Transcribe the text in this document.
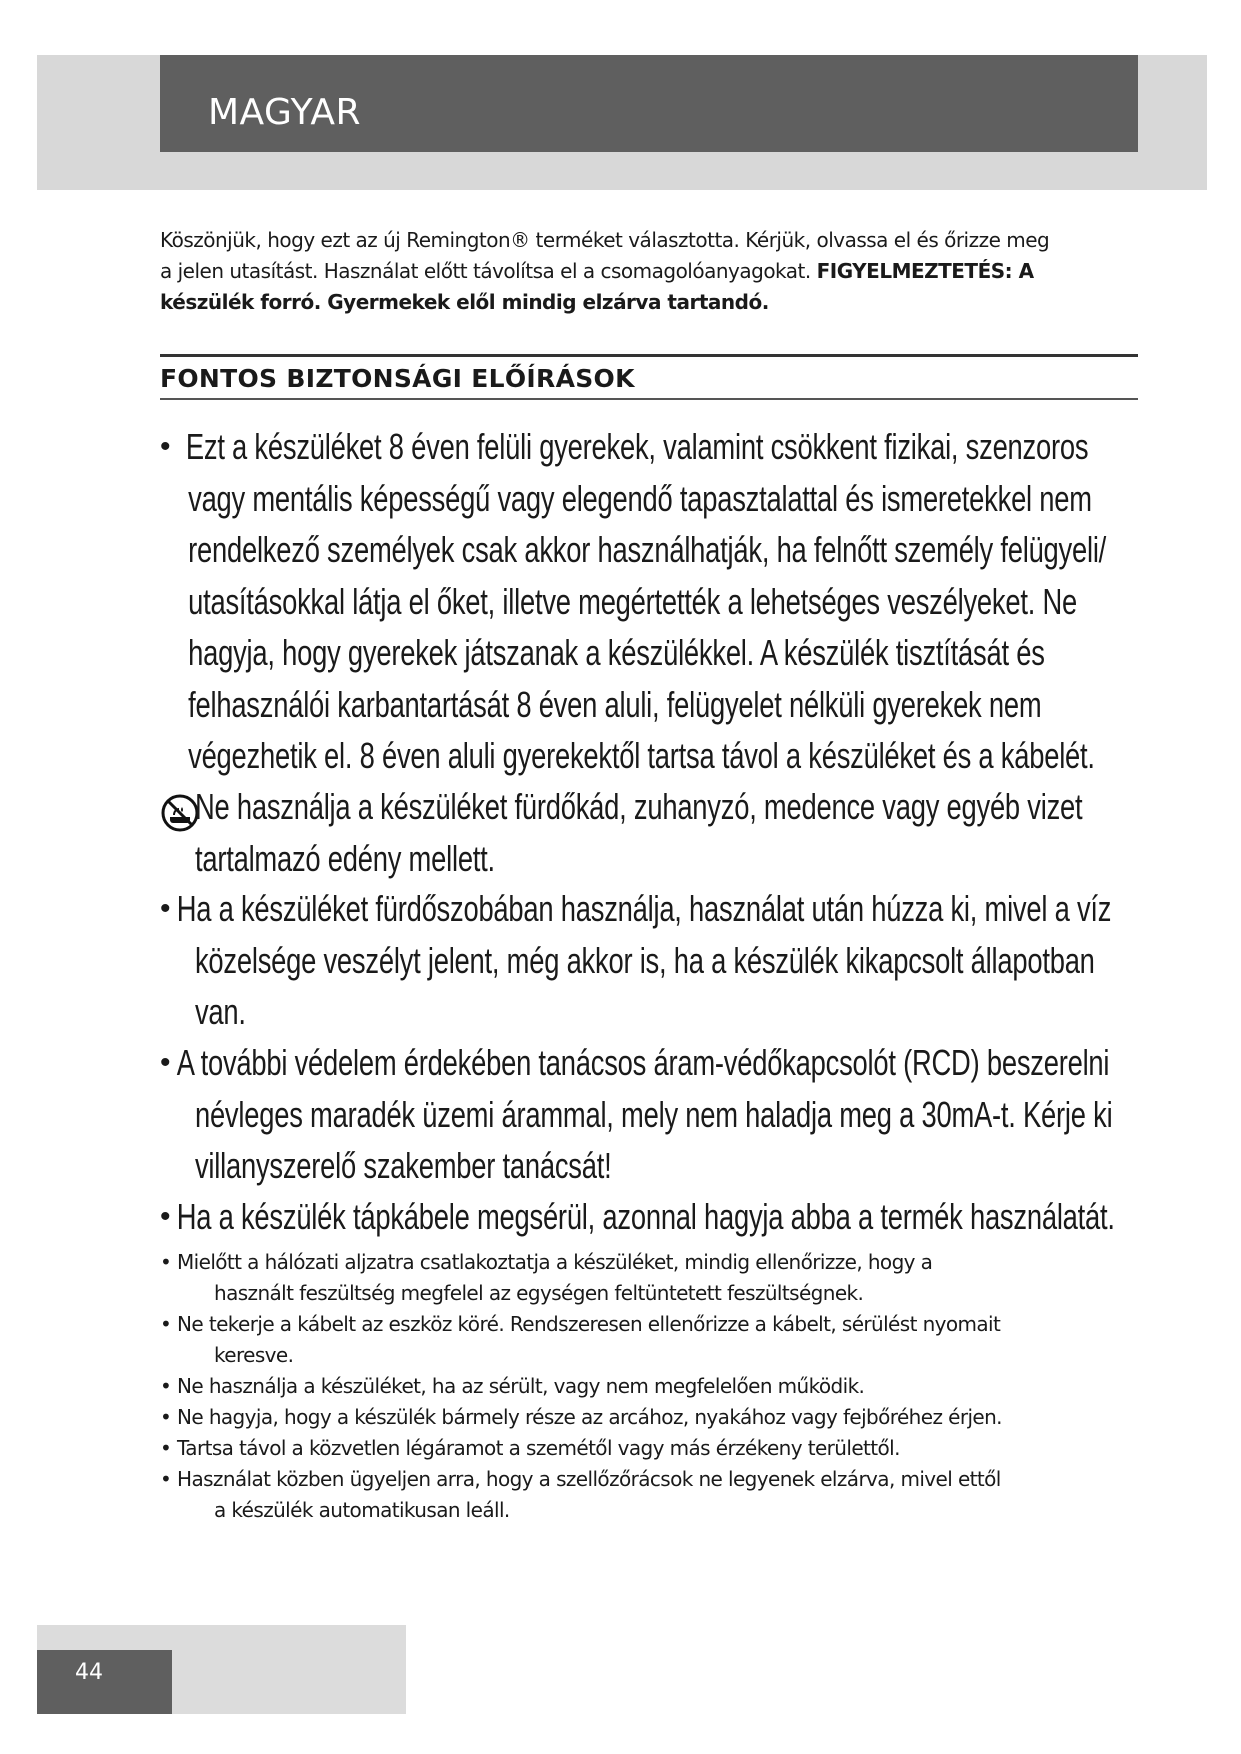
MAGYAR

Köszönjük, hogy ezt az új Remington® terméket választotta. Kérjük, olvassa el és őrizze meg
a jelen utasítást. Használat előtt távolítsa el a csomagolóanyagokat. FIGYELMEZTETÉS: A
készülék forró. Gyermekek elől mindig elzárva tartandó.

FONTOS BIZTONSÁGI ELŐÍRÁSOK
• Ezt a készüléket 8 éven felüli gyerekek, valamint csökkent fizikai, szenzoros
vagy mentális képességű vagy elegendő tapasztalattal és ismeretekkel nem
rendelkező személyek csak akkor használhatják, ha felnőtt személy felügyeli/
utasításokkal látja el őket, illetve megértették a lehetséges veszélyeket. Ne
hagyja, hogy gyerekek játszanak a készülékkel. A készülék tisztítását és
felhasználói karbantartását 8 éven aluli, felügyelet nélküli gyerekek nem
végezhetik el. 8 éven aluli gyerekektől tartsa távol a készüléket és a kábelét.
Ne használja a készüléket fürdőkád, zuhanyzó, medence vagy egyéb vizet
tartalmazó edény mellett.
• Ha a készüléket fürdőszobában használja, használat után húzza ki, mivel a víz
közelsége veszélyt jelent, még akkor is, ha a készülék kikapcsolt állapotban
van.
• A további védelem érdekében tanácsos áram-védőkapcsolót (RCD) beszerelni
névleges maradék üzemi árammal, mely nem haladja meg a 30mA-t. Kérje ki
villanyszerelő szakember tanácsát!
• Ha a készülék tápkábele megsérül, azonnal hagyja abba a termék használatát.
• Mielőtt a hálózati aljzatra csatlakoztatja a készüléket, mindig ellenőrizze, hogy a
használt feszültség megfelel az egységen feltüntetett feszültségnek.
• Ne tekerje a kábelt az eszköz köré. Rendszeresen ellenőrizze a kábelt, sérülést nyomait
keresve.
• Ne használja a készüléket, ha az sérült, vagy nem megfelelően működik.
• Ne hagyja, hogy a készülék bármely része az arcához, nyakához vagy fejbőréhez érjen.
• Tartsa távol a közvetlen légáramot a szemétől vagy más érzékeny területtől.
• Használat közben ügyeljen arra, hogy a szellőzőrácsok ne legyenek elzárva, mivel ettől
a készülék automatikusan leáll.
44
